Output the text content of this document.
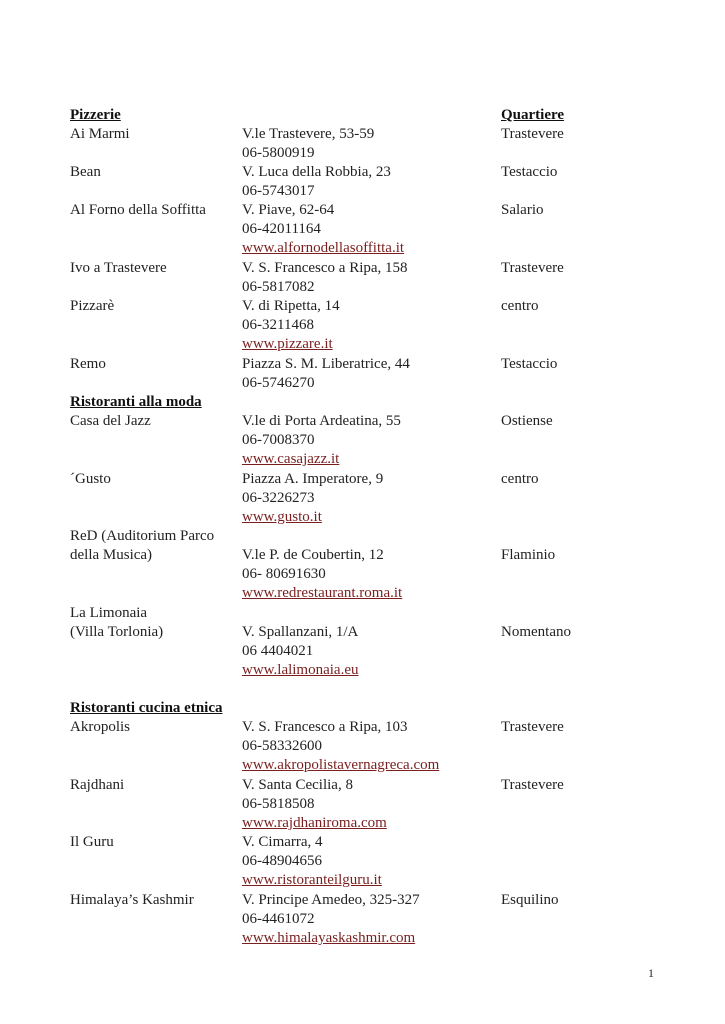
Pizzerie	Quartiere
Ai Marmi	V.le Trastevere, 53-59	Trastevere
06-5800919
Bean	V. Luca della Robbia, 23	Testaccio
06-5743017
Al Forno della Soffitta V. Piave, 62-64	Salario
06-42011164
www.alfornodellasoffitta.it
Ivo a Trastevere	V. S. Francesco a Ripa, 158	Trastevere
06-5817082
Pizzarè	V. di Ripetta, 14	centro
06-3211468
www.pizzare.it
Remo	Piazza S. M. Liberatrice, 44	Testaccio
06-5746270
Ristoranti alla moda
Casa del Jazz	V.le di Porta Ardeatina, 55	Ostiense
06-7008370
www.casajazz.it
´Gusto	Piazza A. Imperatore, 9	centro
06-3226273
www.gusto.it
ReD (Auditorium Parco
della Musica)	V.le P. de Coubertin, 12	Flaminio
06- 80691630
www.redrestaurant.roma.it
La Limonaia
(Villa Torlonia)	V. Spallanzani, 1/A	Nomentano
06 4404021
www.lalimonaia.eu
Ristoranti cucina etnica
Akropolis	V. S. Francesco a Ripa, 103	Trastevere
06-58332600
www.akropolistavernagreca.com
Rajdhani	V. Santa Cecilia, 8	Trastevere
06-5818508
www.rajdhaniroma.com
Il Guru	V. Cimarra, 4
06-48904656
www.ristoranteilguru.it
Himalaya’s Kashmir	V. Principe Amedeo, 325-327	Esquilino
06-4461072
www.himalayaskashmir.com
1
